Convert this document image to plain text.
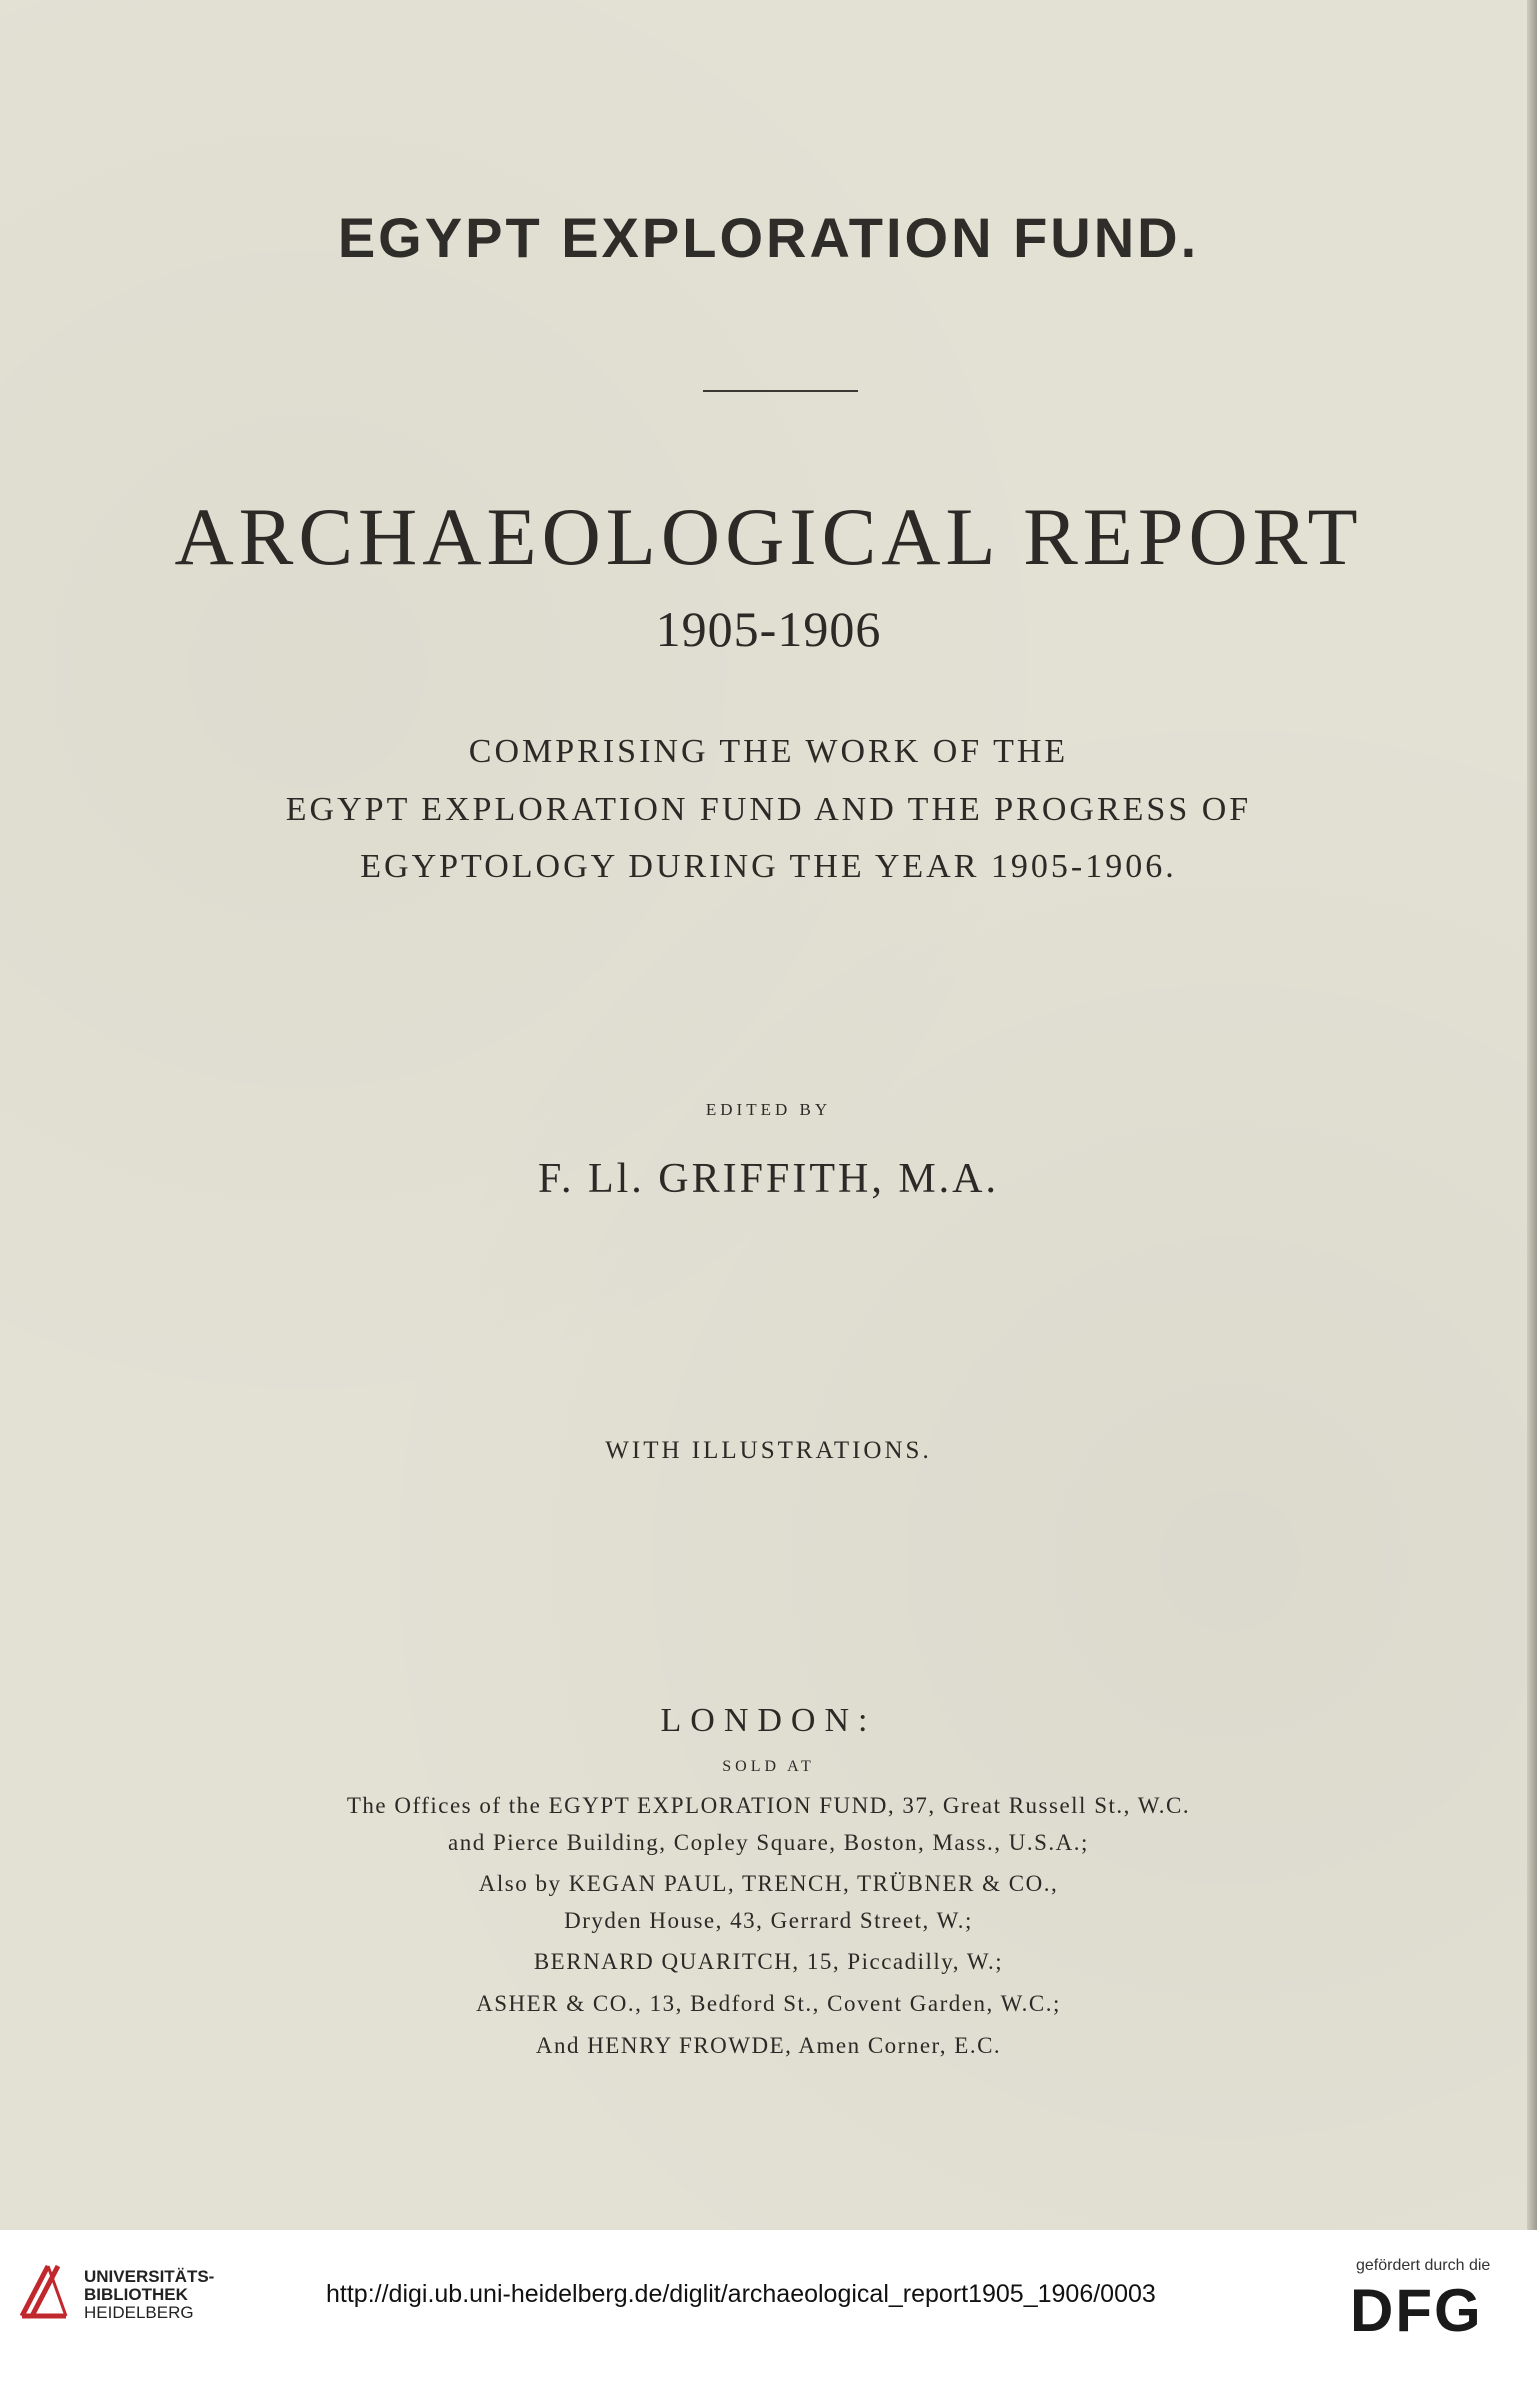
EGYPT EXPLORATION FUND.
ARCHAEOLOGICAL REPORT
1905-1906
COMPRISING THE WORK OF THE
EGYPT EXPLORATION FUND AND THE PROGRESS OF
EGYPTOLOGY DURING THE YEAR 1905-1906.
EDITED BY
F. Ll. GRIFFITH, M.A.
WITH ILLUSTRATIONS.
LONDON:
SOLD AT
The Offices of the EGYPT EXPLORATION FUND, 37, Great Russell St., W.C.
and Pierce Building, Copley Square, Boston, Mass., U.S.A.;
Also by KEGAN PAUL, TRENCH, TRÜBNER & CO.,
Dryden House, 43, Gerrard Street, W.;
BERNARD QUARITCH, 15, Piccadilly, W.;
ASHER & CO., 13, Bedford St., Covent Garden, W.C.;
And HENRY FROWDE, Amen Corner, E.C.
UNIVERSITÄTS-
BIBLIOTHEK
HEIDELBERG
http://digi.ub.uni-heidelberg.de/diglit/archaeological_report1905_1906/0003
gefördert durch die
DFG
